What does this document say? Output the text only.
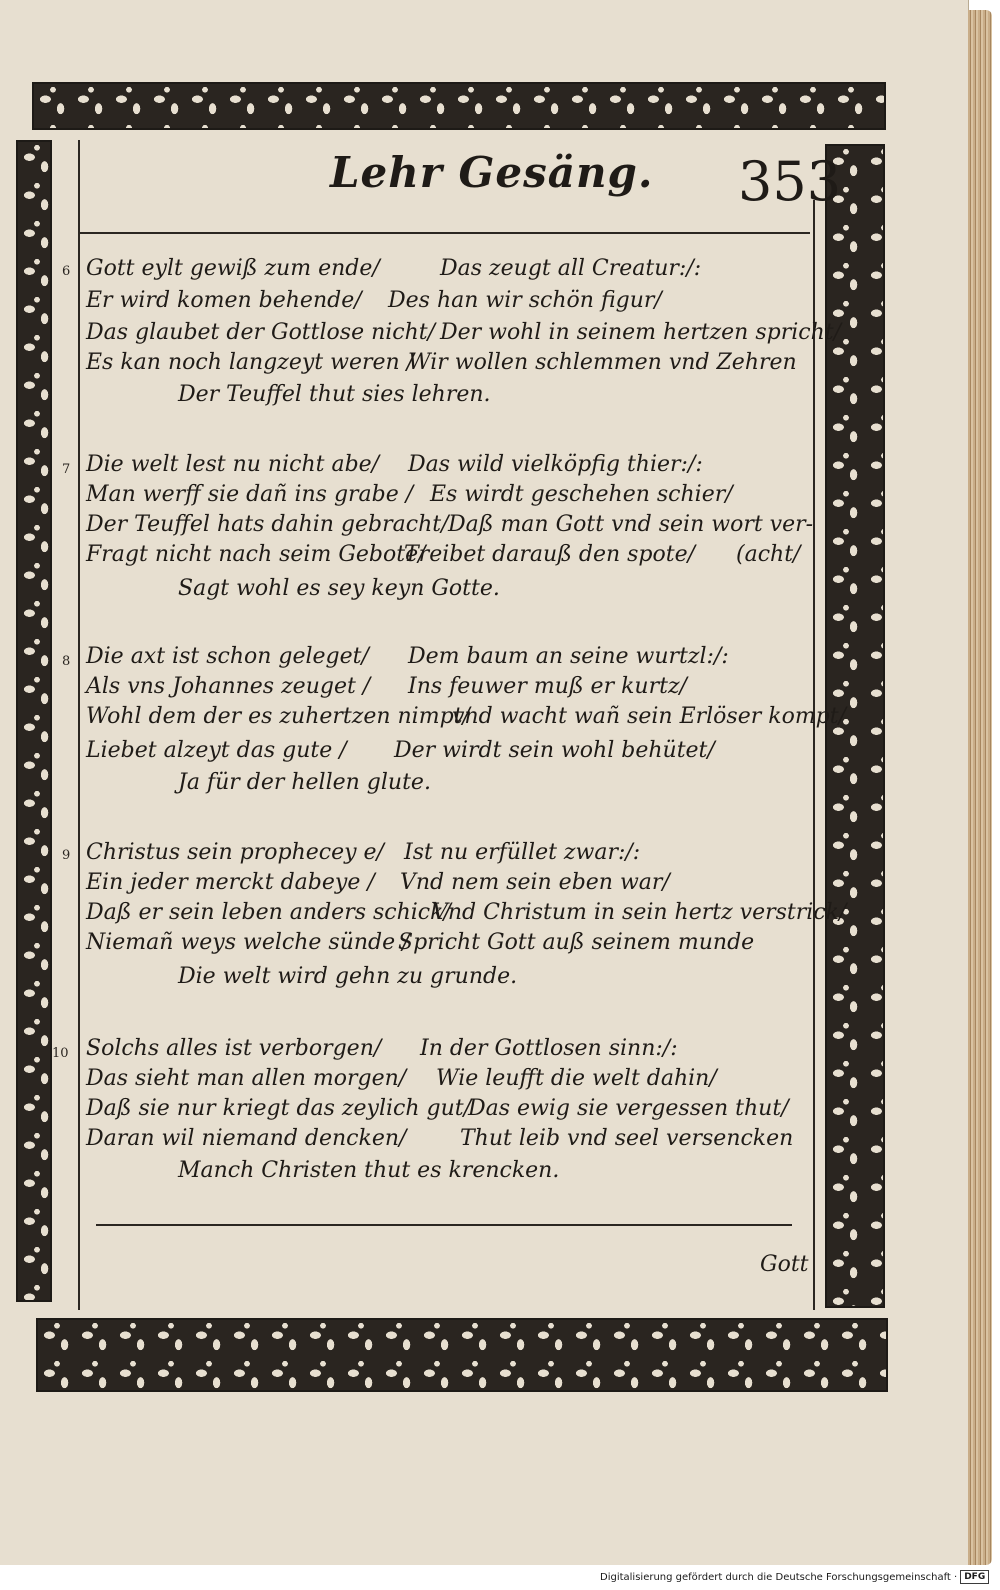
Lehr Gesäng. 353
6 Gott eylt gewiß zum ende/	Das zeugt all Creatur:/:
Er wird komen behende/ Des han wir schön figur/
Das glaubet der Gottlose nicht/ Der wohl in seinem hertzen spricht/
Es kan noch langzeyt weren /
Wir wollen schlemmen vnd Zehren
Der Teuffel thut sies lehren.
7 Die welt lest nu nicht abe/ Das wild vielköpfig thier:/:
Man werff sie dañ ins grabe / Es wirdt geschehen schier/
Der Teuffel hats dahin gebracht/ Daß man Gott vnd sein wort ver-
Fragt nicht nach seim Gebote/
Treibet darauß den spote/ (acht/
Sagt wohl es sey keyn Gotte.
8 Die axt ist schon geleget/ Dem baum an seine wurtzl:/:
Als vns Johannes zeuget / Ins feuwer muß er kurtz/
Wohl dem der es zuhertzen nimpt/
vnd wacht wañ sein Erlöser kompt/
Liebet alzeyt das gute / Der wirdt sein wohl behütet/
Ja für der hellen glute.
9 Christus sein prophecey e/ Ist nu erfüllet zwar:/:
Ein jeder merckt dabeye / Vnd nem sein eben war/
Daß er sein leben anders schick/
Vnd Christum in sein hertz verstrick/
Niemañ weys welche sünde /
Spricht Gott auß seinem munde
Die welt wird gehn zu grunde.
10 Solchs alles ist verborgen/ In der Gottlosen sinn:/:
Das sieht man allen morgen/ Wie leufft die welt dahin/
Daß sie nur kriegt das zeylich gut/
Das ewig sie vergessen thut/
Daran wil niemand dencken/ Thut leib vnd seel versencken
Manch Christen thut es krencken.
Gott
Digitalisierung gefördert durch die Deutsche Forschungsgemeinschaft · DFG
